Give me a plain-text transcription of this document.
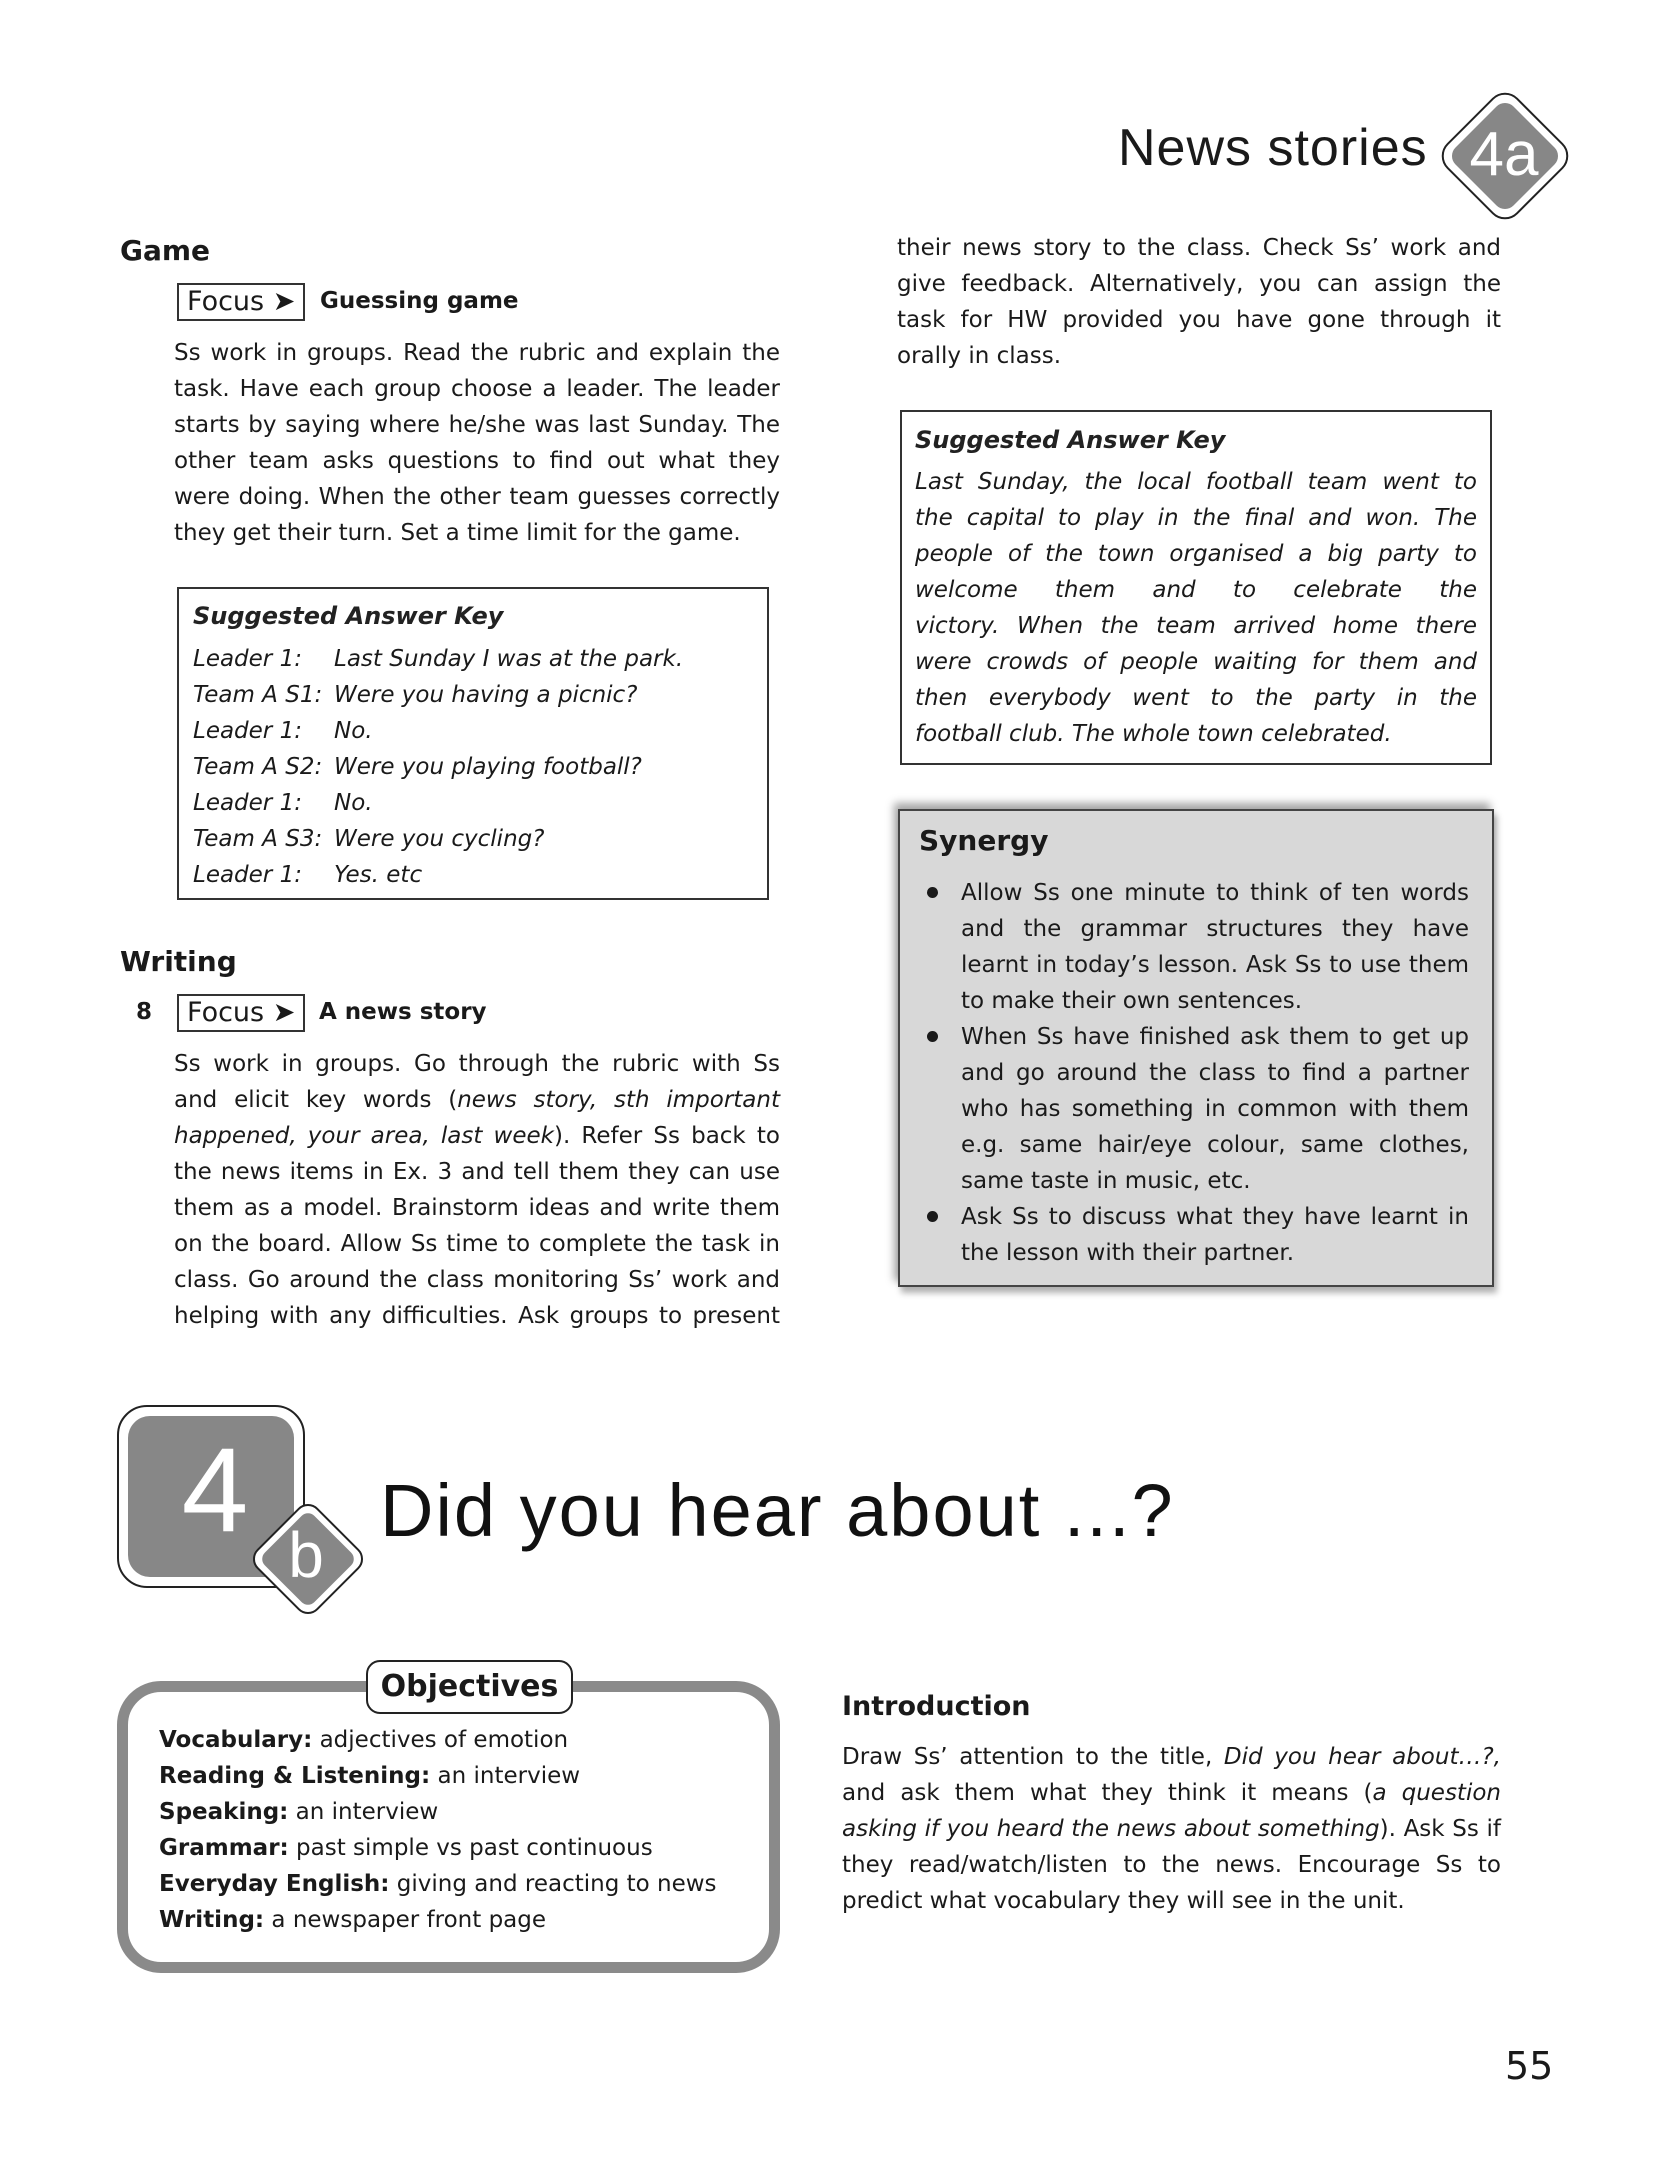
News stories 4a
Game
Focus ➤	Guessing game
Ss work in groups. Read the rubric and explain the
task. Have each group choose a leader. The leader
starts by saying where he/she was last Sunday. The
other team asks questions to find out what they
were doing. When the other team guesses correctly
they get their turn. Set a time limit for the game.
Suggested Answer Key
Leader 1: Last Sunday I was at the park.
Team A S1: Were you having a picnic?
Leader 1: No.
Team A S2: Were you playing football?
Leader 1: No.
Team A S3: Were you cycling?
Leader 1: Yes. etc
Writing
8	Focus ➤	A news story
Ss work in groups. Go through the rubric with Ss
and elicit key words (news story, sth important
happened, your area, last week). Refer Ss back to
the news items in Ex. 3 and tell them they can use
them as a model. Brainstorm ideas and write them
on the board. Allow Ss time to complete the task in
class. Go around the class monitoring Ss’ work and
helping with any difficulties. Ask groups to present
their news story to the class. Check Ss’ work and
give feedback. Alternatively, you can assign the
task for HW provided you have gone through it
orally in class.
Suggested Answer Key
Last Sunday, the local football team went to
the capital to play in the final and won. The
people of the town organised a big party to
welcome them and to celebrate the
victory. When the team arrived home there
were crowds of people waiting for them and
then everybody went to the party in the
football club. The whole town celebrated.
Synergy
Allow Ss one minute to think of ten words
and the grammar structures they have
learnt in today’s lesson. Ask Ss to use them
to make their own sentences.
When Ss have finished ask them to get up
and go around the class to find a partner
who has something in common with them
e.g. same hair/eye colour, same clothes,
same taste in music, etc.
Ask Ss to discuss what they have learnt in
the lesson with their partner.
4 b
Did you hear about ...?
Objectives
Vocabulary: adjectives of emotion
Reading & Listening: an interview
Speaking: an interview
Grammar: past simple vs past continuous
Everyday English: giving and reacting to news
Writing: a newspaper front page
Introduction
Draw Ss’ attention to the title, Did you hear about…?,
and ask them what they think it means (a question
asking if you heard the news about something). Ask Ss if
they read/watch/listen to the news. Encourage Ss to
predict what vocabulary they will see in the unit.
55
